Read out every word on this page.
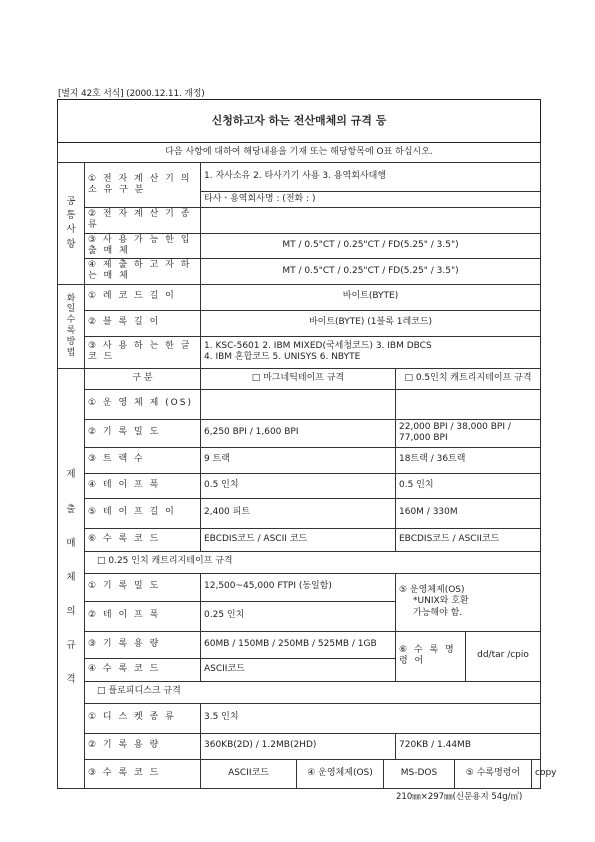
[별지 42호 서식] (2000.12.11. 개정)
신청하고자 하는 전산매체의 규격 등
다음 사항에 대하여 해당내용을 기재 또는 해당항목에 O표 하십시오.

공
통
사
항
	① 전 자 계 산 기 의 소 유 구 분	1. 자사소유 2. 타사기기 사용 3. 용역회사대행
타사ㆍ용역회사명 : (전화 : )
② 전 자 계 산 기 종 류	
③ 사 용 가 능 한 입 출 매 체	MT / 0.5"CT / 0.25"CT / FD(5.25" / 3.5")
④ 제 출 하 고 자 하 는 매 체	MT / 0.5"CT / 0.25"CT / FD(5.25" / 3.5")

화
일
수
록
방
법
	① 레 코 드 길 이	바이트(BYTE)
② 블 록 길 이	바이트(BYTE) (1블록 1레코드)
③ 사 용 하 는 한 글 코 드	
1. KSC-5601 2. IBM MIXED(국세청코드) 3. IBM DBCS
4. IBM 혼합코드 5. UNISYS 6. NBYTE

제
출
매
체
의
규
격
	구 분	□ 마그네틱테이프 규격	□ 0.5인치 캐트리지테이프 규격
① 운 영 체 제 (OS)		
② 기 록 밀 도	6,250 BPI / 1,600 BPI	22,000 BPI / 38,000 BPI / 77,000 BPI
③ 트 랙 수	9 트랙	18트랙 / 36트랙
④ 테 이 프 폭	0.5 인치	0.5 인치
⑤ 테 이 프 길 이	2,400 피트	160M / 330M
⑥ 수 록 코 드	EBCDIS코드 / ASCII 코드	EBCDIS코드 / ASCII코드
□ 0.25 인치 캐트리지테이프 규격
① 기 록 밀 도	12,500~45,000 FTPI (동일함)	⑤ 운영체제(OS)
*UNIX와 호환
가능해야 함.

② 테 이 프 폭	0.25 인치
③ 기 록 용 량	60MB / 150MB / 250MB / 525MB / 1GB	⑥ 수 록 명 령 어	dd/tar /cpio
④ 수 록 코 드	ASCII코드
□ 플로피디스크 규격
① 디 스 켓 종 류	3.5 인치
② 기 록 용 량	360KB(2D) / 1.2MB(2HD)	720KB / 1.44MB
③ 수 록 코 드		ASCII코드	④ 운영체제(OS)	MS-DOS	⑤ 수록명령어	copy
210㎜×297㎜(신문용지 54g/㎡)
